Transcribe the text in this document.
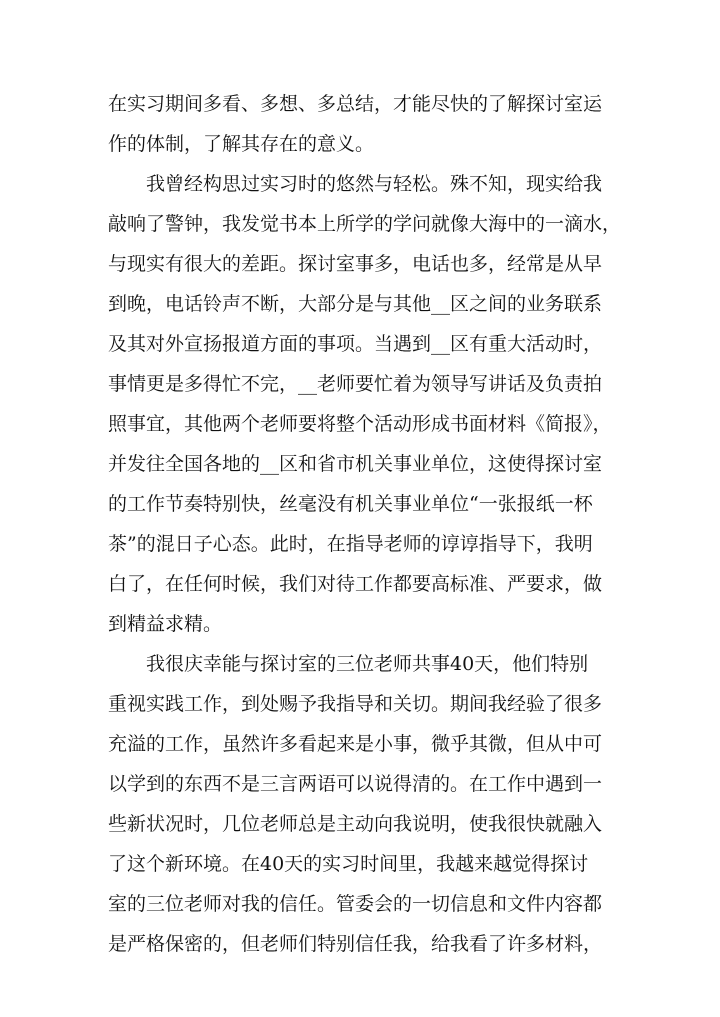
在实习期间多看、多想、多总结，才能尽快的了解探讨室运
作的体制，了解其存在的意义。
　　我曾经构思过实习时的悠然与轻松。殊不知，现实给我
敲响了警钟，我发觉书本上所学的学问就像大海中的一滴水，
与现实有很大的差距。探讨室事多，电话也多，经常是从早
到晚，电话铃声不断，大部分是与其他__区之间的业务联系
及其对外宣扬报道方面的事项。当遇到__区有重大活动时，
事情更是多得忙不完，__老师要忙着为领导写讲话及负责拍
照事宜，其他两个老师要将整个活动形成书面材料《简报》，
并发往全国各地的__区和省市机关事业单位，这使得探讨室
的工作节奏特别快，丝毫没有机关事业单位“一张报纸一杯
茶”的混日子心态。此时，在指导老师的谆谆指导下，我明
白了，在任何时候，我们对待工作都要高标准、严要求，做
到精益求精。
　　我很庆幸能与探讨室的三位老师共事40天，他们特别
重视实践工作，到处赐予我指导和关切。期间我经验了很多
充溢的工作，虽然许多看起来是小事，微乎其微，但从中可
以学到的东西不是三言两语可以说得清的。在工作中遇到一
些新状况时，几位老师总是主动向我说明，使我很快就融入
了这个新环境。在40天的实习时间里，我越来越觉得探讨
室的三位老师对我的信任。管委会的一切信息和文件内容都
是严格保密的，但老师们特别信任我，给我看了许多材料，
